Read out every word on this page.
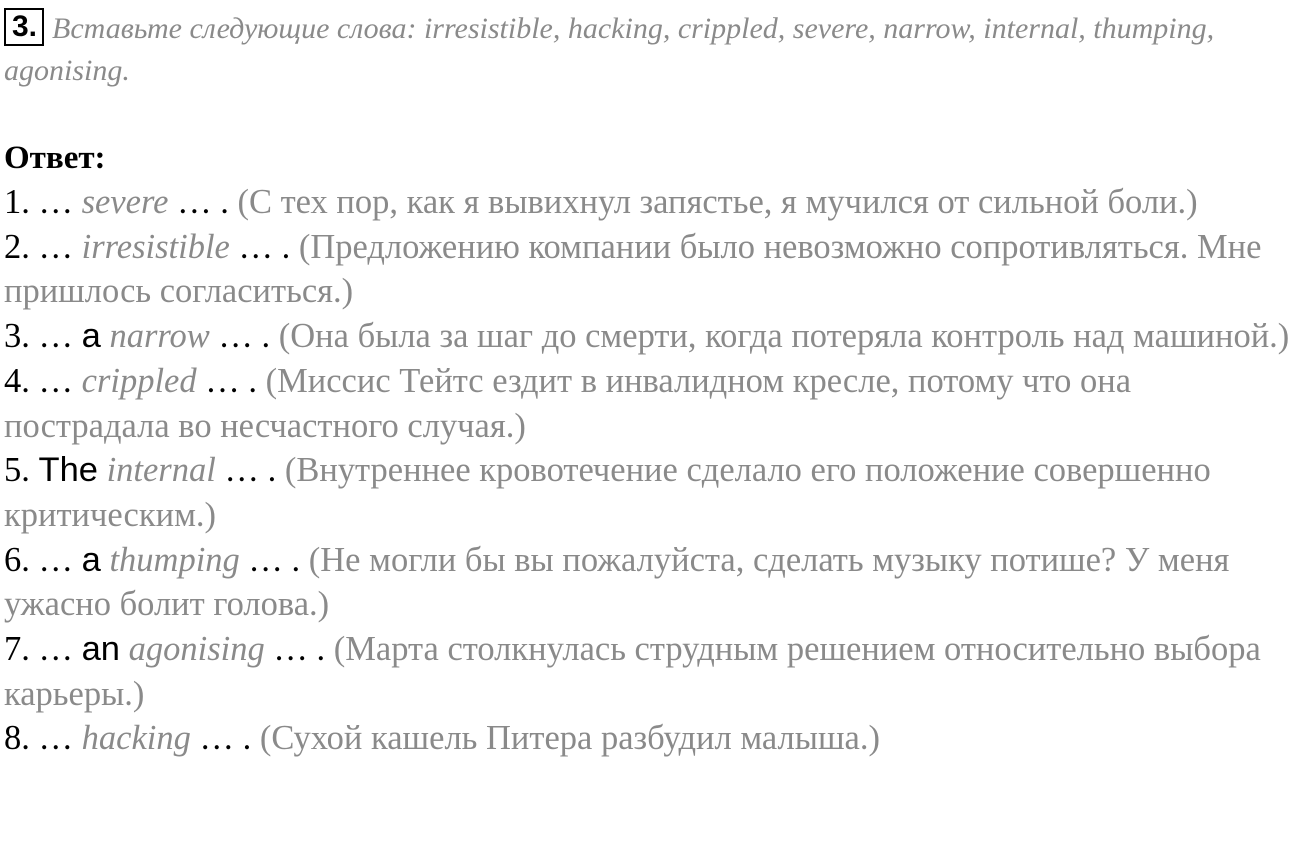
3. Вставьте следующие слова: irresistible, hacking, crippled, severe, narrow, internal, thumping, agonising.

Ответ:

1. … severe … . (С тех пор, как я вывихнул запястье, я мучился от сильной боли.)
2. … irresistible … . (Предложению компании было невозможно сопротивляться. Мне пришлось согласиться.)
3. … a narrow … . (Она была за шаг до смерти, когда потеряла контроль над машиной.)
4. … crippled … . (Миссис Тейтс ездит в инвалидном кресле, потому что она пострадала во несчастного случая.)
5. The internal … . (Внутреннее кровотечение сделало его положение совершенно критическим.)
6. … a thumping … . (Не могли бы вы пожалуйста, сделать музыку потише? У меня ужасно болит голова.)
7. … an agonising … . (Марта столкнулась струдным решением относительно выбора карьеры.)
8. … hacking … . (Сухой кашель Питера разбудил малыша.)
